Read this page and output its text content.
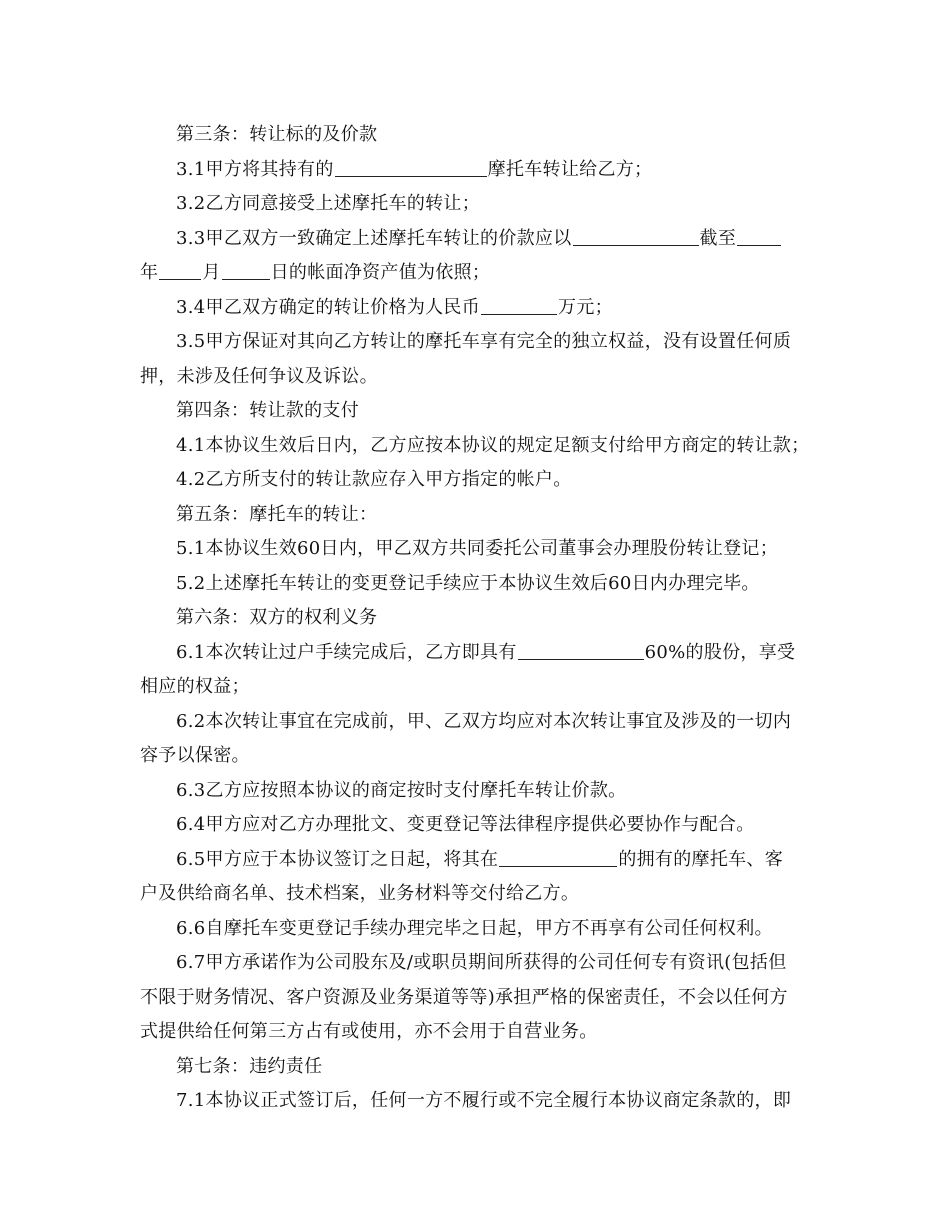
第三条：转让标的及价款
3.1甲方将其持有的	摩托车转让给乙方；
3.2乙方同意接受上述摩托车的转让；
3.3甲乙双方一致确定上述摩托车转让的价款应以	截至
年 月	日的帐面净资产值为依照；
3.4甲乙双方确定的转让价格为人民币	万元；
3.5甲方保证对其向乙方转让的摩托车享有完全的独立权益，没有设置任何质
押，未涉及任何争议及诉讼。
第四条：转让款的支付
4.1本协议生效后日内，乙方应按本协议的规定足额支付给甲方商定的转让款；
4.2乙方所支付的转让款应存入甲方指定的帐户。
第五条：摩托车的转让：
5.1本协议生效60日内，甲乙双方共同委托公司董事会办理股份转让登记；
5.2上述摩托车转让的变更登记手续应于本协议生效后60日内办理完毕。
第六条：双方的权利义务
6.1本次转让过户手续完成后，乙方即具有	60%的股份，享受
相应的权益；
6.2本次转让事宜在完成前，甲、乙双方均应对本次转让事宜及涉及的一切内
容予以保密。
6.3乙方应按照本协议的商定按时支付摩托车转让价款。
6.4甲方应对乙方办理批文、变更登记等法律程序提供必要协作与配合。
6.5甲方应于本协议签订之日起，将其在	的拥有的摩托车、客
户及供给商名单、技术档案，业务材料等交付给乙方。
6.6自摩托车变更登记手续办理完毕之日起，甲方不再享有公司任何权利。
6.7甲方承诺作为公司股东及/或职员期间所获得的公司任何专有资讯(包括但
不限于财务情况、客户资源及业务渠道等等)承担严格的保密责任，不会以任何方
式提供给任何第三方占有或使用，亦不会用于自营业务。
第七条：违约责任
7.1本协议正式签订后，任何一方不履行或不完全履行本协议商定条款的，即
